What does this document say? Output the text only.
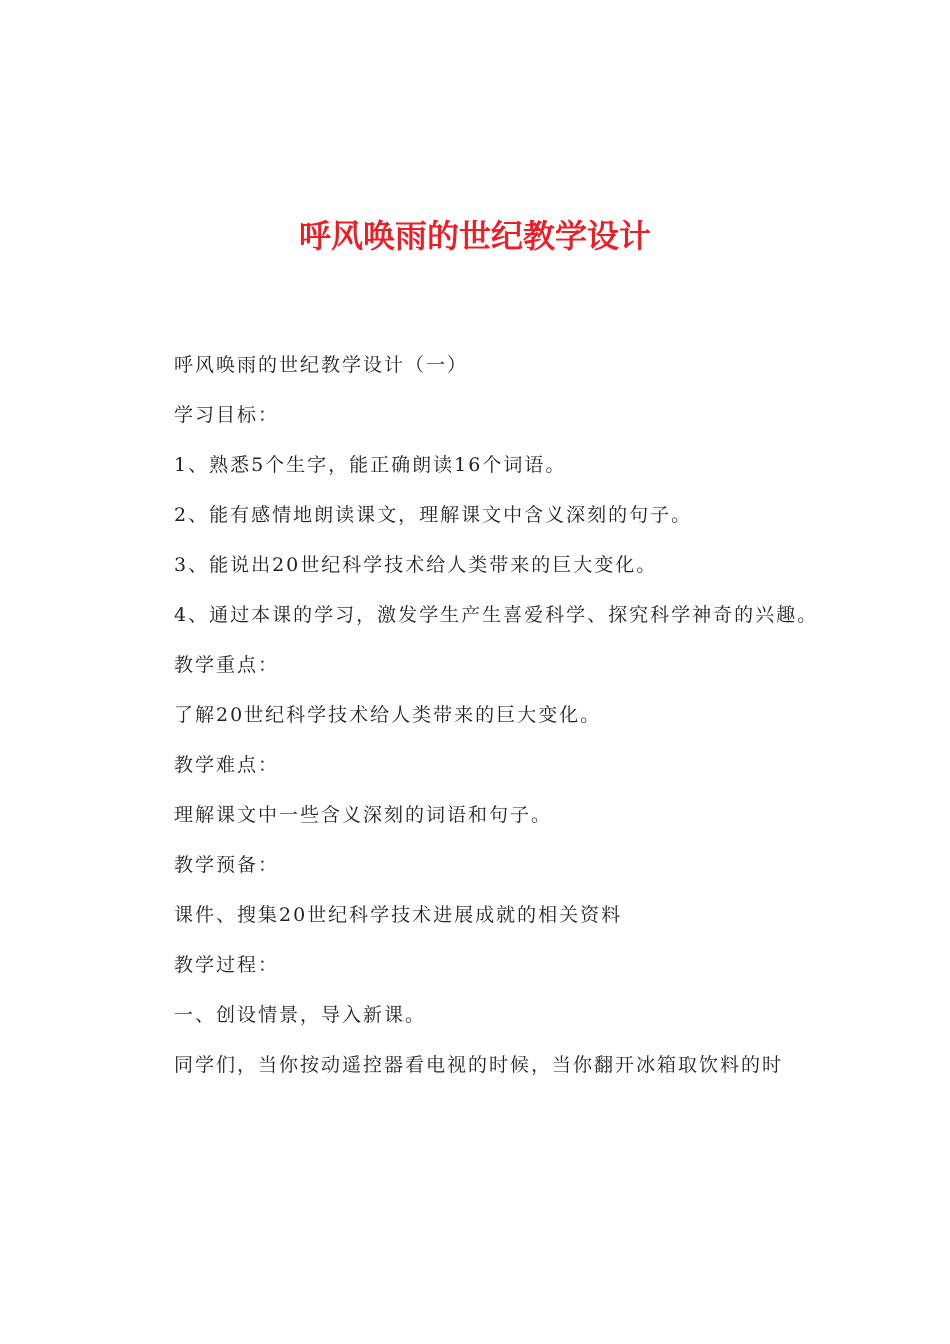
呼风唤雨的世纪教学设计

呼风唤雨的世纪教学设计（一）

学习目标：

1、熟悉5个生字，能正确朗读16个词语。

2、能有感情地朗读课文，理解课文中含义深刻的句子。

3、能说出20世纪科学技术给人类带来的巨大变化。

4、通过本课的学习，激发学生产生喜爱科学、探究科学神奇的兴趣。

教学重点：

了解20世纪科学技术给人类带来的巨大变化。

教学难点：

理解课文中一些含义深刻的词语和句子。

教学预备：

课件、搜集20世纪科学技术进展成就的相关资料

教学过程：

一、创设情景，导入新课。

同学们，当你按动遥控器看电视的时候，当你翻开冰箱取饮料的时
